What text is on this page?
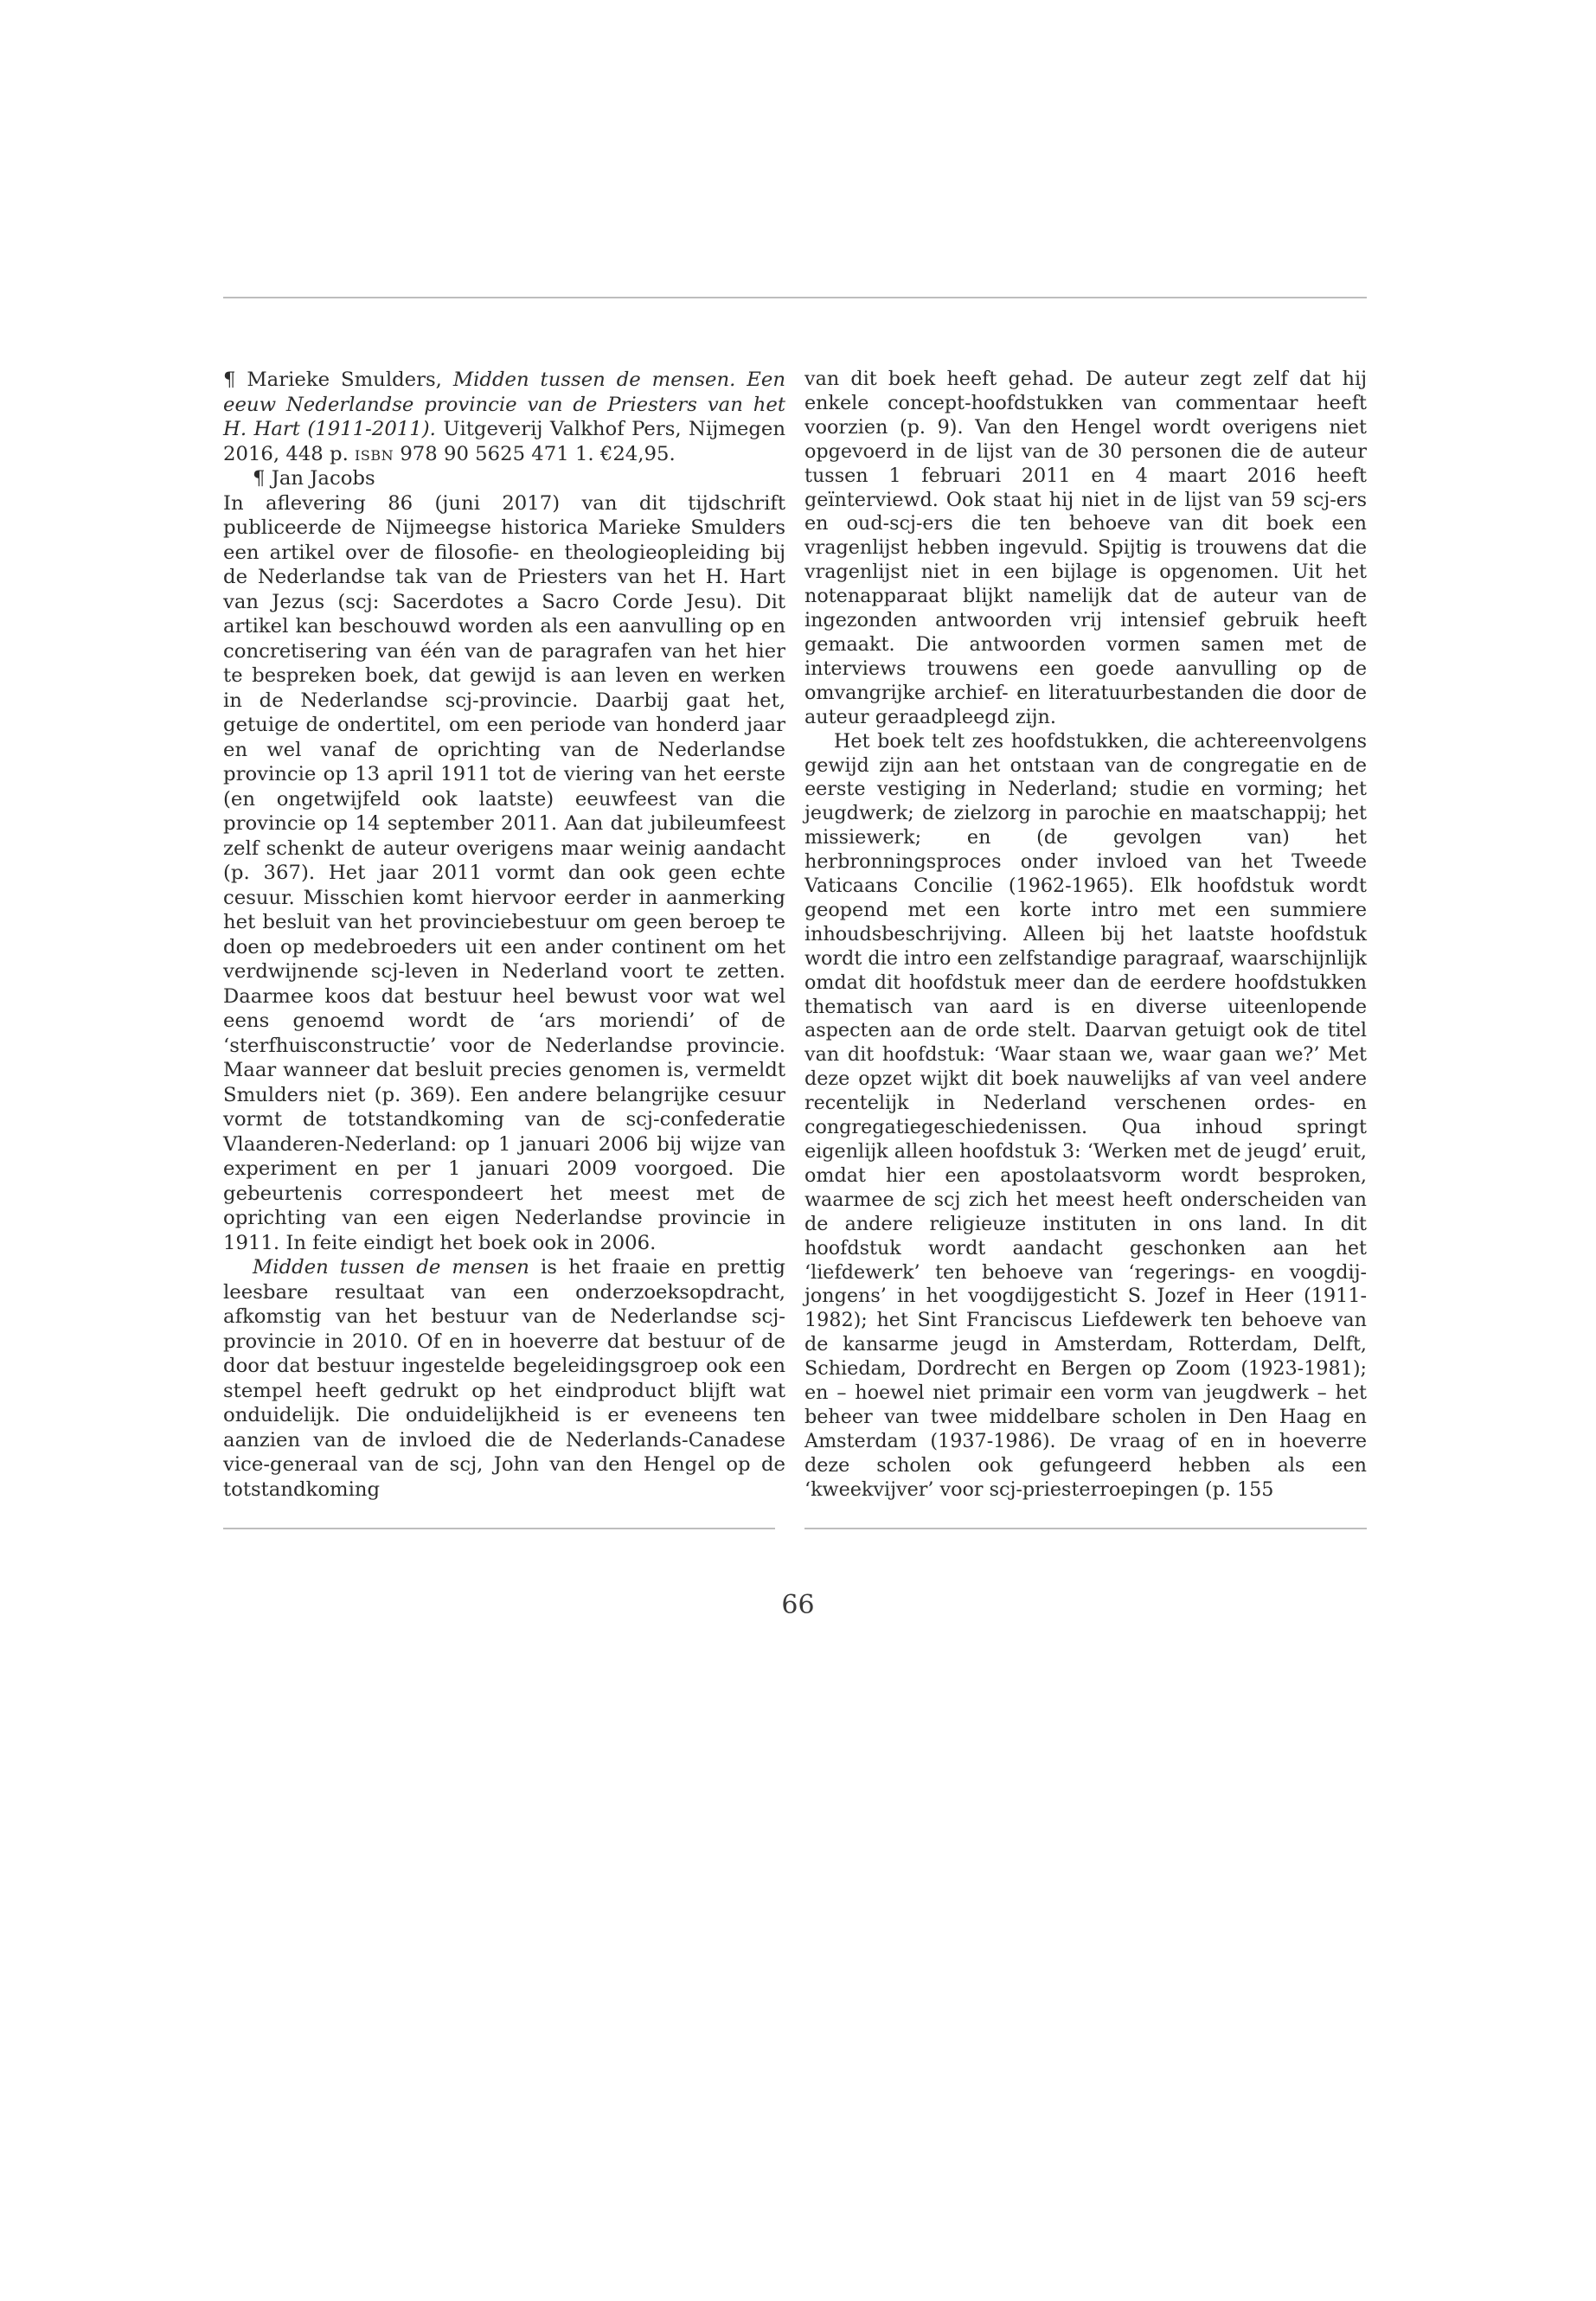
¶ Marieke Smulders, Midden tussen de mensen. Een eeuw Nederlandse provincie van de Priesters van het H. Hart (1911-2011). Uitgeverij Valkhof Pers, Nijmegen 2016, 448 p. isbn 978 90 5625 471 1. €24,95.

¶ Jan Jacobs

In aflevering 86 (juni 2017) van dit tijdschrift publiceerde de Nijmeegse historica Marieke Smulders een artikel over de filosofie- en theologieopleiding bij de Nederlandse tak van de Priesters van het H. Hart van Jezus (scj: Sacerdotes a Sacro Corde Jesu). Dit artikel kan beschouwd worden als een aanvulling op en concretisering van één van de paragrafen van het hier te bespreken boek, dat gewijd is aan leven en werken in de Nederlandse scj-provincie. Daarbij gaat het, getuige de ondertitel, om een periode van honderd jaar en wel vanaf de oprichting van de Nederlandse provincie op 13 april 1911 tot de viering van het eerste (en ongetwijfeld ook laatste) eeuwfeest van die provincie op 14 september 2011. Aan dat jubileumfeest zelf schenkt de auteur overigens maar weinig aandacht (p. 367). Het jaar 2011 vormt dan ook geen echte cesuur. Misschien komt hiervoor eerder in aanmerking het besluit van het provinciebestuur om geen beroep te doen op medebroeders uit een ander continent om het verdwijnende scj-leven in Nederland voort te zetten. Daarmee koos dat bestuur heel bewust voor wat wel eens genoemd wordt de ‘ars moriendi’ of de ‘sterfhuisconstructie’ voor de Nederlandse provincie. Maar wanneer dat besluit precies genomen is, vermeldt Smulders niet (p. 369). Een andere belangrijke cesuur vormt de totstandkoming van de scj-confederatie Vlaanderen-Nederland: op 1 januari 2006 bij wijze van experiment en per 1 januari 2009 voorgoed. Die gebeurtenis correspondeert het meest met de oprichting van een eigen Nederlandse provincie in 1911. In feite eindigt het boek ook in 2006.

Midden tussen de mensen is het fraaie en prettig leesbare resultaat van een onderzoeksopdracht, afkomstig van het bestuur van de Nederlandse scj-provincie in 2010. Of en in hoeverre dat bestuur of de door dat bestuur ingestelde begeleidingsgroep ook een stempel heeft gedrukt op het eindproduct blijft wat onduidelijk. Die onduidelijkheid is er eveneens ten aanzien van de invloed die de Nederlands-Canadese vice-generaal van de scj, John van den Hengel op de totstandkoming

van dit boek heeft gehad. De auteur zegt zelf dat hij enkele concept-hoofdstukken van commentaar heeft voorzien (p. 9). Van den Hengel wordt overigens niet opgevoerd in de lijst van de 30 personen die de auteur tussen 1 februari 2011 en 4 maart 2016 heeft geïnterviewd. Ook staat hij niet in de lijst van 59 scj-ers en oud-scj-ers die ten behoeve van dit boek een vragenlijst hebben ingevuld. Spijtig is trouwens dat die vragenlijst niet in een bijlage is opgenomen. Uit het notenapparaat blijkt namelijk dat de auteur van de ingezonden antwoorden vrij intensief gebruik heeft gemaakt. Die antwoorden vormen samen met de interviews trouwens een goede aanvulling op de omvangrijke archief- en literatuurbestanden die door de auteur geraadpleegd zijn.

Het boek telt zes hoofdstukken, die achtereenvolgens gewijd zijn aan het ontstaan van de congregatie en de eerste vestiging in Nederland; studie en vorming; het jeugdwerk; de zielzorg in parochie en maatschappij; het missiewerk; en (de gevolgen van) het herbronningsproces onder invloed van het Tweede Vaticaans Concilie (1962-1965). Elk hoofdstuk wordt geopend met een korte intro met een summiere inhoudsbeschrijving. Alleen bij het laatste hoofdstuk wordt die intro een zelfstandige paragraaf, waarschijnlijk omdat dit hoofdstuk meer dan de eerdere hoofdstukken thematisch van aard is en diverse uiteenlopende aspecten aan de orde stelt. Daarvan getuigt ook de titel van dit hoofdstuk: ‘Waar staan we, waar gaan we?’ Met deze opzet wijkt dit boek nauwelijks af van veel andere recentelijk in Nederland verschenen ordes- en congregatiegeschiedenissen. Qua inhoud springt eigenlijk alleen hoofdstuk 3: ‘Werken met de jeugd’ eruit, omdat hier een apostolaatsvorm wordt besproken, waarmee de scj zich het meest heeft onderscheiden van de andere religieuze instituten in ons land. In dit hoofdstuk wordt aandacht geschonken aan het ‘liefdewerk’ ten behoeve van ‘regerings- en voogdij-jongens’ in het voogdijgesticht S. Jozef in Heer (1911-1982); het Sint Franciscus Liefdewerk ten behoeve van de kansarme jeugd in Amsterdam, Rotterdam, Delft, Schiedam, Dordrecht en Bergen op Zoom (1923-1981); en – hoewel niet primair een vorm van jeugdwerk – het beheer van twee middelbare scholen in Den Haag en Amsterdam (1937-1986). De vraag of en in hoeverre deze scholen ook gefungeerd hebben als een ‘kweekvijver’ voor scj-priesterroepingen (p. 155

66
